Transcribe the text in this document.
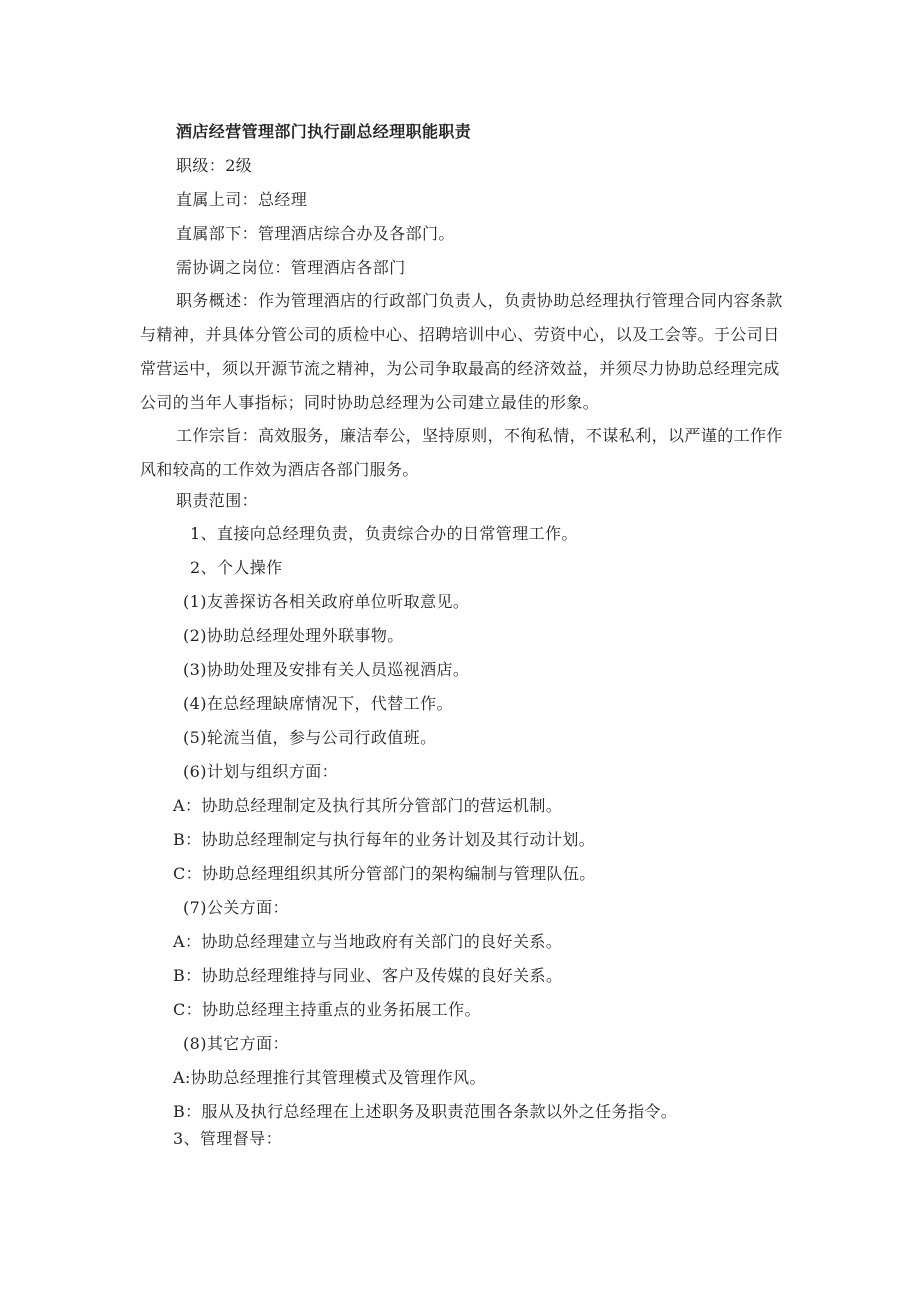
酒店经营管理部门执行副总经理职能职责
职级：2级
直属上司：总经理
直属部下：管理酒店综合办及各部门。
需协调之岗位：管理酒店各部门
职务概述：作为管理酒店的行政部门负责人，负责协助总经理执行管理合同内容条款与精神，并具体分管公司的质检中心、招聘培训中心、劳资中心，以及工会等。于公司日常营运中，须以开源节流之精神，为公司争取最高的经济效益，并须尽力协助总经理完成公司的当年人事指标；同时协助总经理为公司建立最佳的形象。
工作宗旨：高效服务，廉洁奉公，坚持原则，不徇私情，不谋私利，以严谨的工作作风和较高的工作效为酒店各部门服务。
职责范围：
1、直接向总经理负责，负责综合办的日常管理工作。
2、个人操作
(1)友善探访各相关政府单位听取意见。
(2)协助总经理处理外联事物。
(3)协助处理及安排有关人员巡视酒店。
(4)在总经理缺席情况下，代替工作。
(5)轮流当值，参与公司行政值班。
(6)计划与组织方面：
A：协助总经理制定及执行其所分管部门的营运机制。
B：协助总经理制定与执行每年的业务计划及其行动计划。
C：协助总经理组织其所分管部门的架构编制与管理队伍。
(7)公关方面：
A：协助总经理建立与当地政府有关部门的良好关系。
B：协助总经理维持与同业、客户及传媒的良好关系。
C：协助总经理主持重点的业务拓展工作。
(8)其它方面：
A:协助总经理推行其管理模式及管理作风。
B：服从及执行总经理在上述职务及职责范围各条款以外之任务指令。
3、管理督导：
